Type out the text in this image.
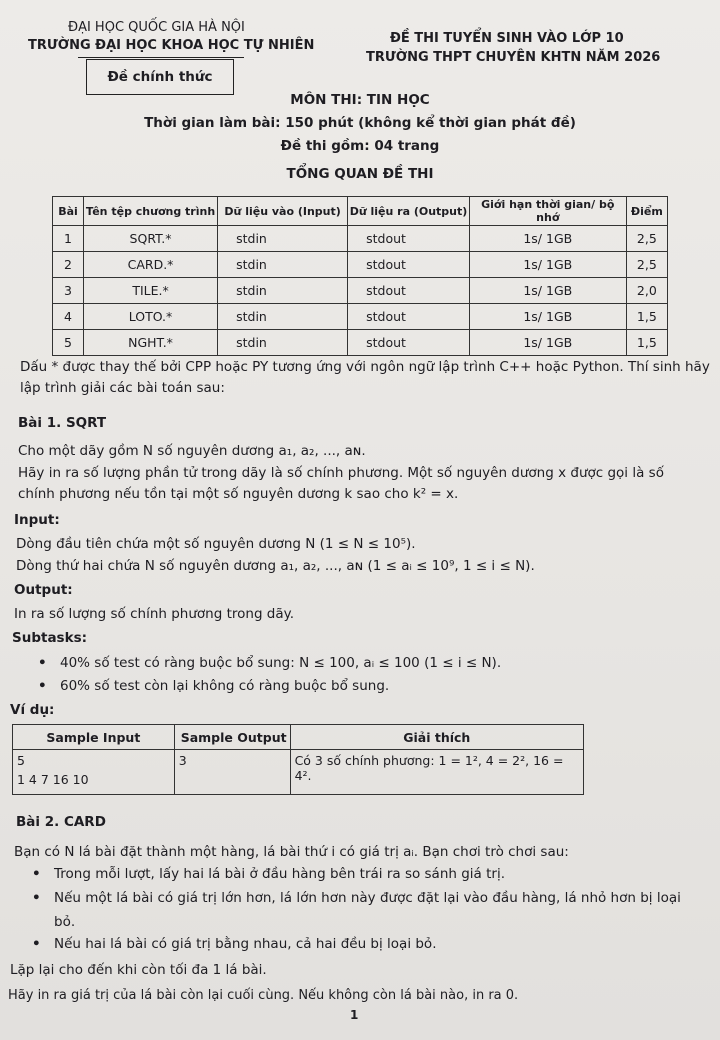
ĐẠI HỌC QUỐC GIA HÀ NỘI
TRƯỜNG ĐẠI HỌC KHOA HỌC TỰ NHIÊN	ĐỀ THI TUYỂN SINH VÀO LỚP 10
TRƯỜNG THPT CHUYÊN KHTN NĂM 2026
Đề chính thức
MÔN THI: TIN HỌC
Thời gian làm bài: 150 phút (không kể thời gian phát đề)
Đề thi gồm: 04 trang
TỔNG QUAN ĐỀ THI
Bài	Tên tệp chương trình	Dữ liệu vào (Input)	Dữ liệu ra (Output)	Giới hạn thời gian/ bộ nhớ	Điểm
1	SQRT.*	stdin	stdout	1s/ 1GB	2,5
2	CARD.*	stdin	stdout	1s/ 1GB	2,5
3	TILE.*	stdin	stdout	1s/ 1GB	2,0
4	LOTO.*	stdin	stdout	1s/ 1GB	1,5
5	NGHT.*	stdin	stdout	1s/ 1GB	1,5
Dấu * được thay thế bởi CPP hoặc PY tương ứng với ngôn ngữ lập trình C++ hoặc Python. Thí sinh hãy
lập trình giải các bài toán sau:
Bài 1. SQRT
Cho một dãy gồm N số nguyên dương a₁, a₂, ..., aɴ.
Hãy in ra số lượng phần tử trong dãy là số chính phương. Một số nguyên dương x được gọi là số
chính phương nếu tồn tại một số nguyên dương k sao cho k² = x.
Input:
Dòng đầu tiên chứa một số nguyên dương N (1 ≤ N ≤ 10⁵).
Dòng thứ hai chứa N số nguyên dương a₁, a₂, ..., aɴ (1 ≤ aᵢ ≤ 10⁹, 1 ≤ i ≤ N).
Output:
In ra số lượng số chính phương trong dãy.
Subtasks:
• 40% số test có ràng buộc bổ sung: N ≤ 100, aᵢ ≤ 100 (1 ≤ i ≤ N).
• 60% số test còn lại không có ràng buộc bổ sung.
Ví dụ:
Sample Input	Sample Output	Giải thích

5
1 4 7 16 10	3	Có 3 số chính phương: 1 = 1², 4 = 2², 16 = 4².
Bài 2. CARD
Bạn có N lá bài đặt thành một hàng, lá bài thứ i có giá trị aᵢ. Bạn chơi trò chơi sau:
• Trong mỗi lượt, lấy hai lá bài ở đầu hàng bên trái ra so sánh giá trị.
• Nếu một lá bài có giá trị lớn hơn, lá lớn hơn này được đặt lại vào đầu hàng, lá nhỏ hơn bị loại
bỏ.
• Nếu hai lá bài có giá trị bằng nhau, cả hai đều bị loại bỏ.
Lặp lại cho đến khi còn tối đa 1 lá bài.
Hãy in ra giá trị của lá bài còn lại cuối cùng. Nếu không còn lá bài nào, in ra 0.
1
